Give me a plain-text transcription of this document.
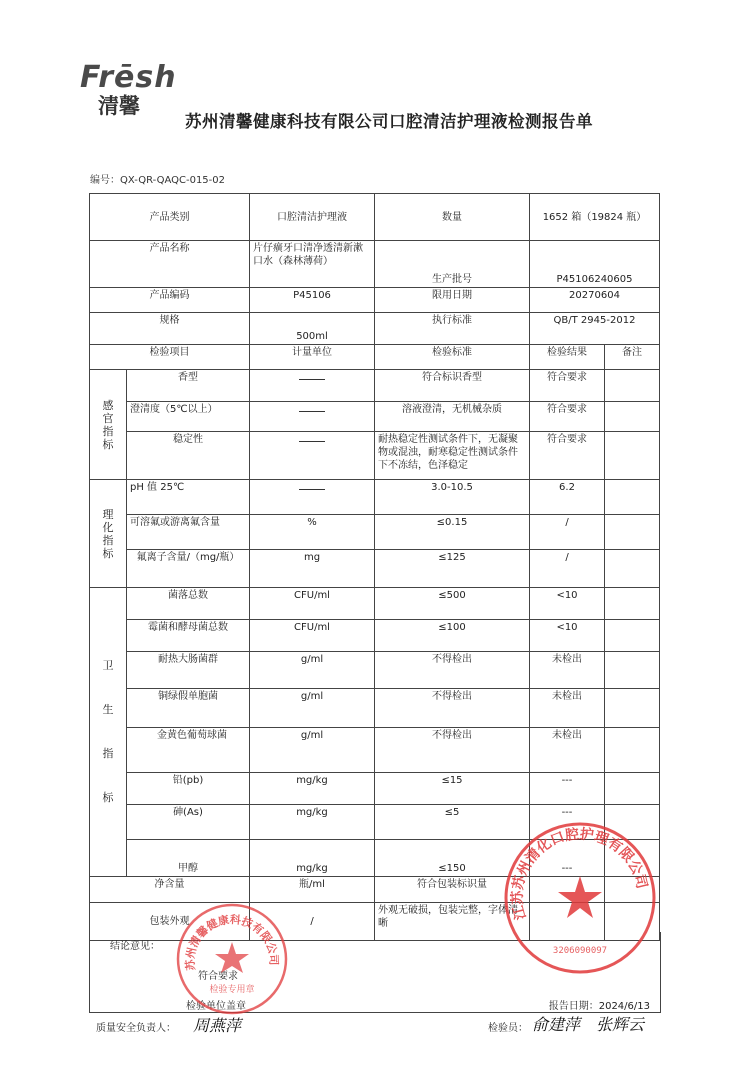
Frēsh
清馨
苏州清馨健康科技有限公司口腔清洁护理液检测报告单
编号：QX-QR-QAQC-015-02
产品类别		口腔清洁护理液	数量	1652 箱（19824 瓶）	
产品名称		片仔癀牙口清净透清新漱口水（森林薄荷）	生产批号	P45106240605	
产品编码		P45106	限用日期	20270604	
规格		500ml	执行标准	QB/T 2945-2012	
检验项目		计量单位	检验标准	检验结果	备注

感
官
指
标	香型		符合标识香型	符合要求	
	澄清度（5℃以上）		溶液澄清，无机械杂质	符合要求	
	稳定性		耐热稳定性测试条件下，无凝聚物或混浊，耐寒稳定性测试条件下不冻结，色泽稳定	符合要求	

理
化
指
标	pH 值 25℃		3.0-10.5	6.2	
	可溶氟或游离氟含量	%	≤0.15	/	
	氟离子含量/（mg/瓶）	mg	≤125	/	

卫
生
指
标	菌落总数	CFU/ml	≤500	<10	
	霉菌和酵母菌总数	CFU/ml	≤100	<10	
	耐热大肠菌群	g/ml	不得检出	未检出	
	铜绿假单胞菌	g/ml	不得检出	未检出	
	金黄色葡萄球菌	g/ml	不得检出	未检出	
	铅(pb)	mg/kg	≤15	---	
	砷(As)	mg/kg	≤5	---	
	甲醇	mg/kg	≤150	---	
净含量		瓶/ml	符合包装标识量		
包装外观		/	外观无破损，包装完整，字体清晰		
结论意见：
符合要求
检验单位盖章	报告日期：2024/6/13
质量安全负责人： 周燕萍	检验员： 俞建萍 张辉云
苏州清馨健康科技有限公司
检验专用章
江苏苏州清化口腔护理有限公司
3206090097
